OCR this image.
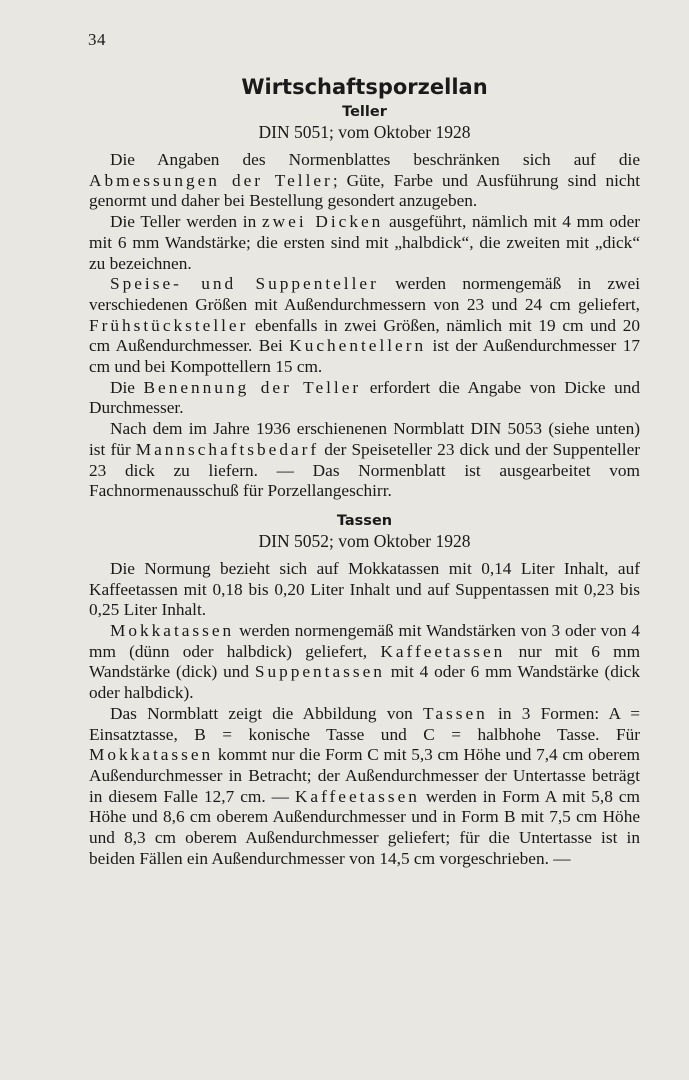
34
Wirtschaftsporzellan
Teller
DIN 5051; vom Oktober 1928

Die Angaben des Normenblattes beschränken sich auf die Abmessungen der Teller; Güte, Farbe und Ausführung sind nicht genormt und daher bei Bestellung gesondert anzugeben.

Die Teller werden in zwei Dicken ausgeführt, nämlich mit 4 mm oder mit 6 mm Wandstärke; die ersten sind mit „halbdick“, die zweiten mit „dick“ zu bezeichnen.

Speise- und Suppenteller werden normengemäß in zwei verschiedenen Größen mit Außendurchmessern von 23 und 24 cm geliefert, Frühstücksteller ebenfalls in zwei Größen, nämlich mit 19 cm und 20 cm Außendurchmesser. Bei Kuchentellern ist der Außendurchmesser 17 cm und bei Kompottellern 15 cm.

Die Benennung der Teller erfordert die Angabe von Dicke und Durchmesser.

Nach dem im Jahre 1936 erschienenen Normblatt DIN 5053 (siehe unten) ist für Mannschaftsbedarf der Speiseteller 23 dick und der Suppenteller 23 dick zu liefern. — Das Normenblatt ist ausgearbeitet vom Fachnormenausschuß für Porzellangeschirr.

Tassen
DIN 5052; vom Oktober 1928

Die Normung bezieht sich auf Mokkatassen mit 0,14 Liter Inhalt, auf Kaffeetassen mit 0,18 bis 0,20 Liter Inhalt und auf Suppentassen mit 0,23 bis 0,25 Liter Inhalt.

Mokkatassen werden normengemäß mit Wandstärken von 3 oder von 4 mm (dünn oder halbdick) geliefert, Kaffeetassen nur mit 6 mm Wandstärke (dick) und Suppentassen mit 4 oder 6 mm Wandstärke (dick oder halbdick).

Das Normblatt zeigt die Abbildung von Tassen in 3 Formen: A = Einsatztasse, B = konische Tasse und C = halbhohe Tasse. Für Mokkatassen kommt nur die Form C mit 5,3 cm Höhe und 7,4 cm oberem Außendurchmesser in Betracht; der Außendurchmesser der Untertasse beträgt in diesem Falle 12,7 cm. — Kaffeetassen werden in Form A mit 5,8 cm Höhe und 8,6 cm oberem Außendurchmesser und in Form B mit 7,5 cm Höhe und 8,3 cm oberem Außendurchmesser geliefert; für die Untertasse ist in beiden Fällen ein Außendurchmesser von 14,5 cm vorgeschrieben. —
